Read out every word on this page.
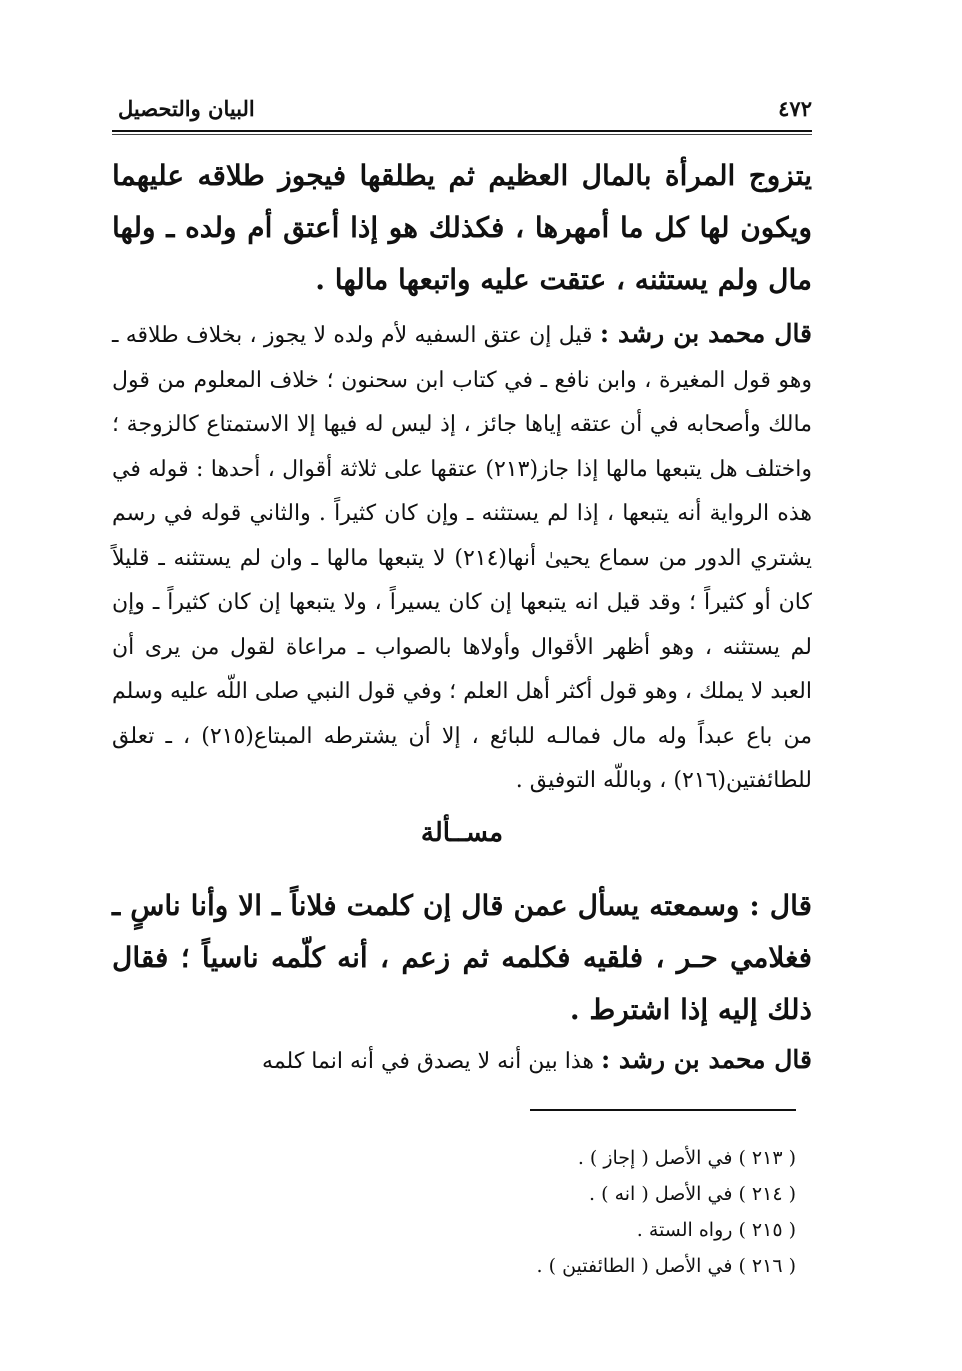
البيان والتحصيل	٤٧٢
يتزوج المرأة بالمال العظيم ثم يطلقها فيجوز طلاقه عليهما ويكون لها كل ما أمهرها ، فكذلك هو إذا أعتق أم ولده ـ ولها مال ولم يستثنه ، عتقت عليه واتبعها مالها .
قال محمد بن رشد : قيل إن عتق السفيه لأم ولده لا يجوز ، بخلاف طلاقه ـ وهو قول المغيرة ، وابن نافع ـ في كتاب ابن سحنون ؛ خلاف المعلوم من قول مالك وأصحابه في أن عتقه إياها جائز ، إذ ليس له فيها إلا الاستمتاع كالزوجة ؛ واختلف هل يتبعها مالها إذا جاز(٢١٣) عتقها على ثلاثة أقوال ، أحدها : قوله في هذه الرواية أنه يتبعها ، إذا لم يستثنه ـ وإن كان كثيراً . والثاني قوله في رسم يشتري الدور من سماع يحيىٰ أنها(٢١٤) لا يتبعها مالها ـ وان لم يستثنه ـ قليلاً كان أو كثيراً ؛ وقد قيل انه يتبعها إن كان يسيراً ، ولا يتبعها إن كان كثيراً ـ وإن لم يستثنه ، وهو أظهر الأقوال وأولاها بالصواب ـ مراعاة لقول من يرى أن العبد لا يملك ، وهو قول أكثر أهل العلم ؛ وفي قول النبي صلى اللّه عليه وسلم من باع عبداً وله مال فمالـه للبائع ، إلا أن يشترطه المبتاع(٢١٥) ، ـ تعلق للطائفتين(٢١٦) ، وباللّه التوفيق .
مســألة
قال : وسمعته يسأل عمن قال إن كلمت فلاناً ـ الا وأنا ناسٍ ـ فغلامي حـر ، فلقيه فكلمه ثم زعم ، أنه كلّمه ناسياً ؛ فقال ذلك إليه إذا اشترط .
قال محمد بن رشد : هذا بين أنه لا يصدق في أنه انما كلمه
( ٢١٣ ) في الأصل ( إجاز ) .
( ٢١٤ ) في الأصل ( انه ) .
( ٢١٥ ) رواه الستة .
( ٢١٦ ) في الأصل ( الطائفتين ) .
